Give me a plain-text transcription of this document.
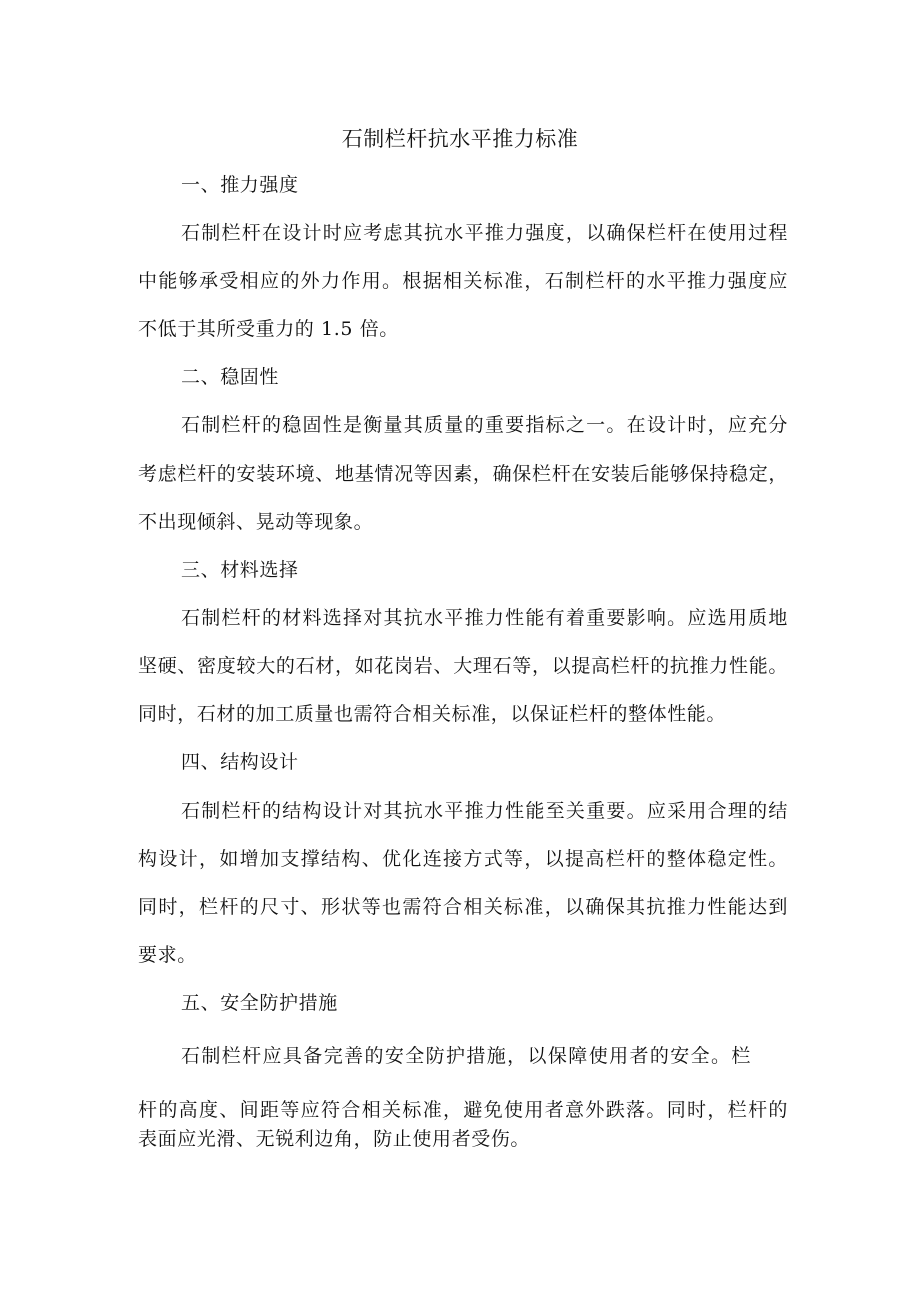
石制栏杆抗水平推力标准
一、推力强度
石制栏杆在设计时应考虑其抗水平推力强度，以确保栏杆在使用过程
中能够承受相应的外力作用。根据相关标准，石制栏杆的水平推力强度应
不低于其所受重力的 1.5 倍。
二、稳固性
石制栏杆的稳固性是衡量其质量的重要指标之一。在设计时，应充分
考虑栏杆的安装环境、地基情况等因素，确保栏杆在安装后能够保持稳定，
不出现倾斜、晃动等现象。
三、材料选择
石制栏杆的材料选择对其抗水平推力性能有着重要影响。应选用质地
坚硬、密度较大的石材，如花岗岩、大理石等，以提高栏杆的抗推力性能。
同时，石材的加工质量也需符合相关标准，以保证栏杆的整体性能。
四、结构设计
石制栏杆的结构设计对其抗水平推力性能至关重要。应采用合理的结
构设计，如增加支撑结构、优化连接方式等，以提高栏杆的整体稳定性。
同时，栏杆的尺寸、形状等也需符合相关标准，以确保其抗推力性能达到
要求。
五、安全防护措施
石制栏杆应具备完善的安全防护措施，以保障使用者的安全。栏
杆的高度、间距等应符合相关标准，避免使用者意外跌落。同时，栏杆的
表面应光滑、无锐利边角，防止使用者受伤。
